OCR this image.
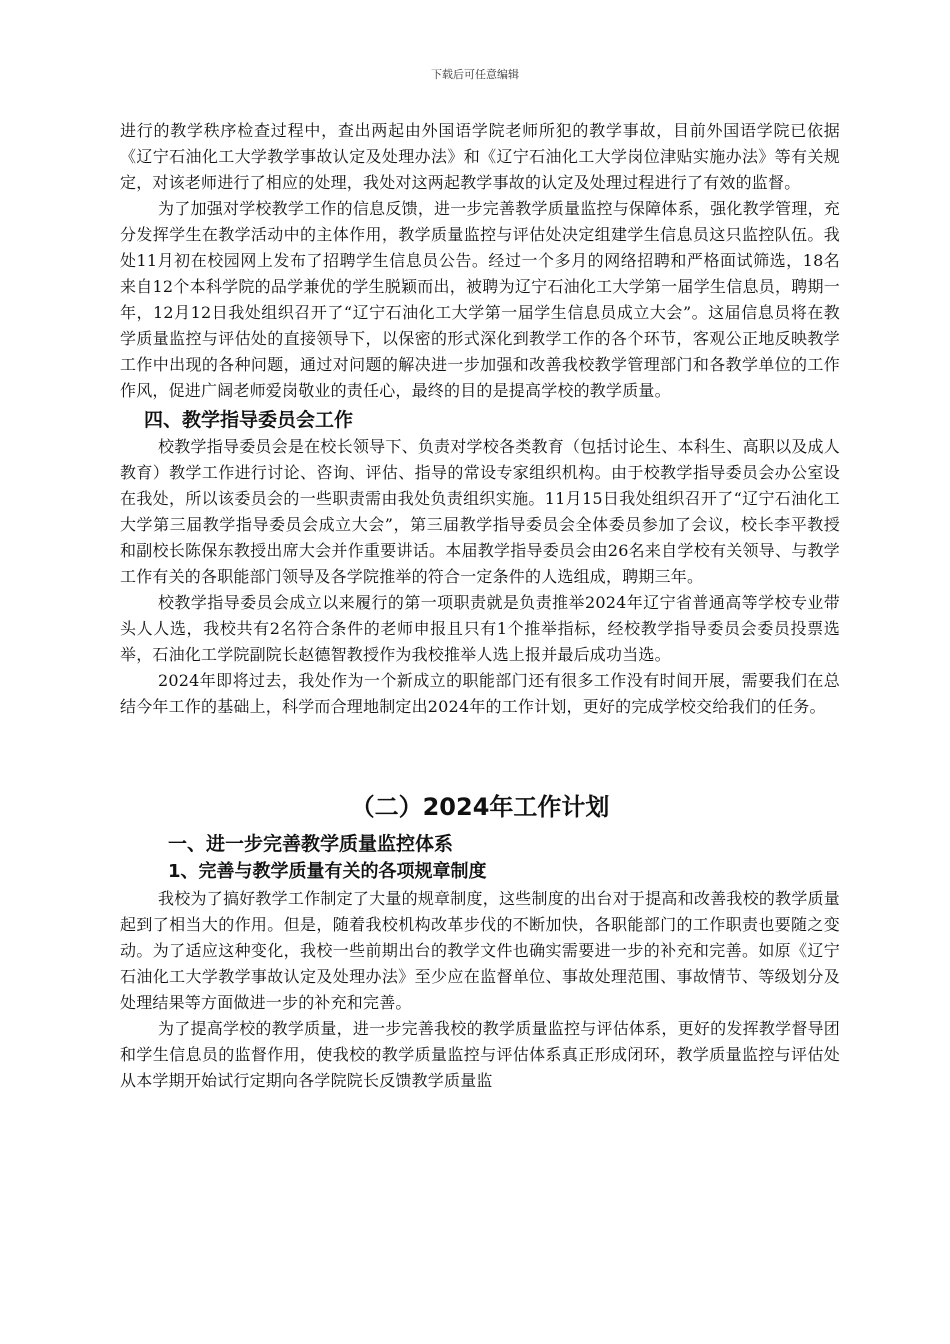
下载后可任意编辑

进行的教学秩序检查过程中，查出两起由外国语学院老师所犯的教学事故，目前外国语学院已依据《辽宁石油化工大学教学事故认定及处理办法》和《辽宁石油化工大学岗位津贴实施办法》等有关规定，对该老师进行了相应的处理，我处对这两起教学事故的认定及处理过程进行了有效的监督。

为了加强对学校教学工作的信息反馈，进一步完善教学质量监控与保障体系，强化教学管理，充分发挥学生在教学活动中的主体作用，教学质量监控与评估处决定组建学生信息员这只监控队伍。我处11月初在校园网上发布了招聘学生信息员公告。经过一个多月的网络招聘和严格面试筛选，18名来自12个本科学院的品学兼优的学生脱颖而出，被聘为辽宁石油化工大学第一届学生信息员，聘期一年，12月12日我处组织召开了“辽宁石油化工大学第一届学生信息员成立大会”。这届信息员将在教学质量监控与评估处的直接领导下，以保密的形式深化到教学工作的各个环节，客观公正地反映教学工作中出现的各种问题，通过对问题的解决进一步加强和改善我校教学管理部门和各教学单位的工作作风，促进广阔老师爱岗敬业的责任心，最终的目的是提高学校的教学质量。

四、教学指导委员会工作

校教学指导委员会是在校长领导下、负责对学校各类教育（包括讨论生、本科生、高职以及成人教育）教学工作进行讨论、咨询、评估、指导的常设专家组织机构。由于校教学指导委员会办公室设在我处，所以该委员会的一些职责需由我处负责组织实施。11月15日我处组织召开了“辽宁石油化工大学第三届教学指导委员会成立大会”，第三届教学指导委员会全体委员参加了会议，校长李平教授和副校长陈保东教授出席大会并作重要讲话。本届教学指导委员会由26名来自学校有关领导、与教学工作有关的各职能部门领导及各学院推举的符合一定条件的人选组成，聘期三年。

校教学指导委员会成立以来履行的第一项职责就是负责推举2024年辽宁省普通高等学校专业带头人人选，我校共有2名符合条件的老师申报且只有1个推举指标，经校教学指导委员会委员投票选举，石油化工学院副院长赵德智教授作为我校推举人选上报并最后成功当选。

2024年即将过去，我处作为一个新成立的职能部门还有很多工作没有时间开展，需要我们在总结今年工作的基础上，科学而合理地制定出2024年的工作计划，更好的完成学校交给我们的任务。

（二）2024年工作计划
一、进一步完善教学质量监控体系
1、完善与教学质量有关的各项规章制度

我校为了搞好教学工作制定了大量的规章制度，这些制度的出台对于提高和改善我校的教学质量起到了相当大的作用。但是，随着我校机构改革步伐的不断加快，各职能部门的工作职责也要随之变动。为了适应这种变化，我校一些前期出台的教学文件也确实需要进一步的补充和完善。如原《辽宁石油化工大学教学事故认定及处理办法》至少应在监督单位、事故处理范围、事故情节、等级划分及处理结果等方面做进一步的补充和完善。

为了提高学校的教学质量，进一步完善我校的教学质量监控与评估体系，更好的发挥教学督导团和学生信息员的监督作用，使我校的教学质量监控与评估体系真正形成闭环，教学质量监控与评估处从本学期开始试行定期向各学院院长反馈教学质量监
